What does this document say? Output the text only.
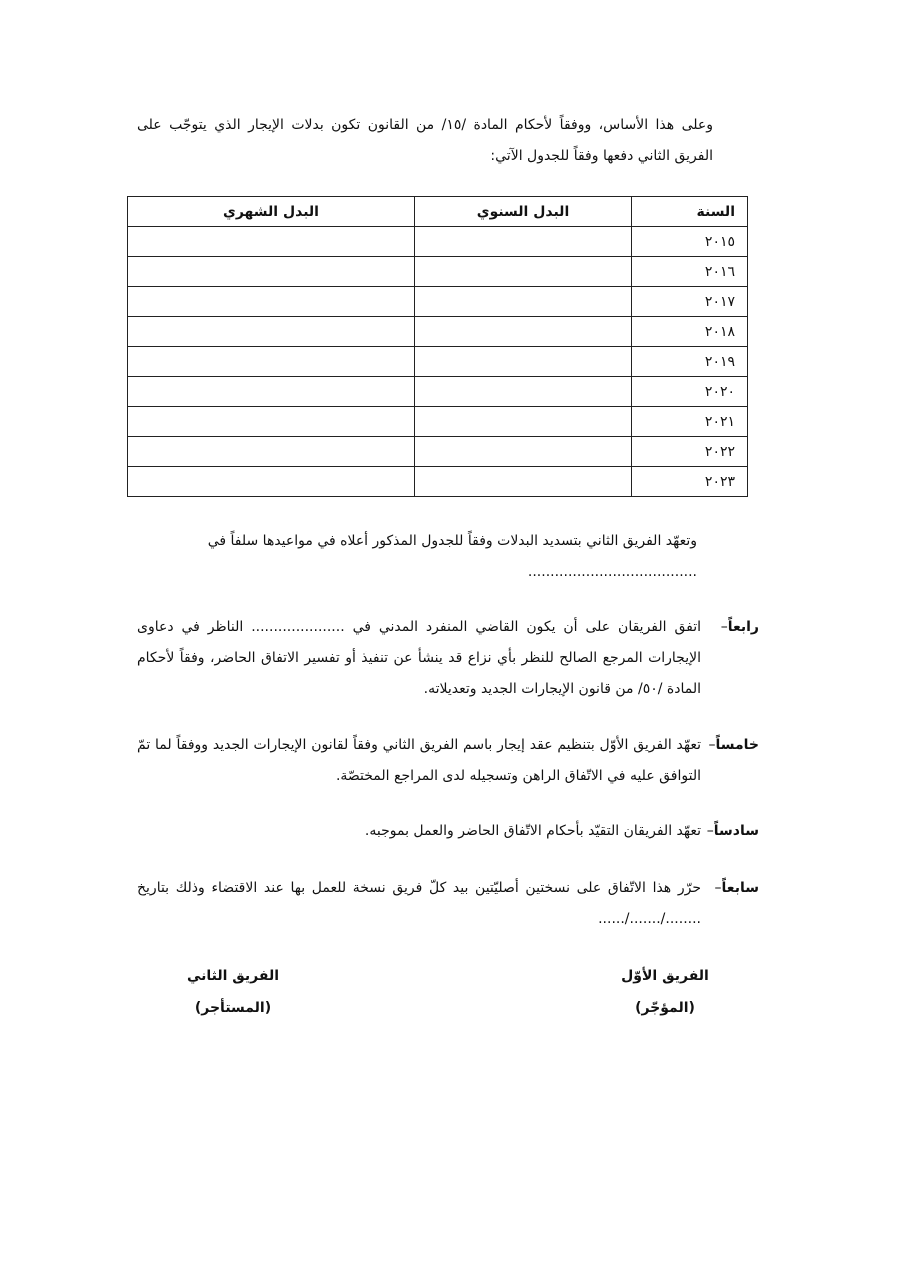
وعلى هذا الأساس، ووفقاً لأحكام المادة /١٥/ من القانون تكون بدلات الإيجار الذي يتوجّب على الفريق الثاني دفعها وفقاً للجدول الآتي:

السنة	البدل السنوي	البدل الشهري
٢٠١٥		
٢٠١٦		
٢٠١٧		
٢٠١٨		
٢٠١٩		
٢٠٢٠		
٢٠٢١		
٢٠٢٢		
٢٠٢٣		
وتعهّد الفريق الثاني بتسديد البدلات وفقاً للجدول المذكور أعلاه في مواعيدها سلفاً في
......................................
رابعاً–
اتفق الفريقان على أن يكون القاضي المنفرد المدني في ..................... الناظر في دعاوى الإيجارات المرجع الصالح للنظر بأي نزاع قد ينشأ عن تنفيذ أو تفسير الاتفاق الحاضر، وفقاً لأحكام المادة /٥٠/ من قانون الإيجارات الجديد وتعديلاته.
خامساً–
تعهّد الفريق الأوّل بتنظيم عقد إيجار باسم الفريق الثاني وفقاً لقانون الإيجارات الجديد ووفقاً لما تمّ التوافق عليه في الاتّفاق الراهن وتسجيله لدى المراجع المختصّة.
سادساً–
تعهّد الفريقان التقيّد بأحكام الاتّفاق الحاضر والعمل بموجبه.
سابعاً–
حرّر هذا الاتّفاق على نسختين أصليّتين بيد كلّ فريق نسخة للعمل بها عند الاقتضاء وذلك بتاريخ ......../......./......
الفريق الأوّل
(المؤجّر)
الفريق الثاني
(المستأجر)
